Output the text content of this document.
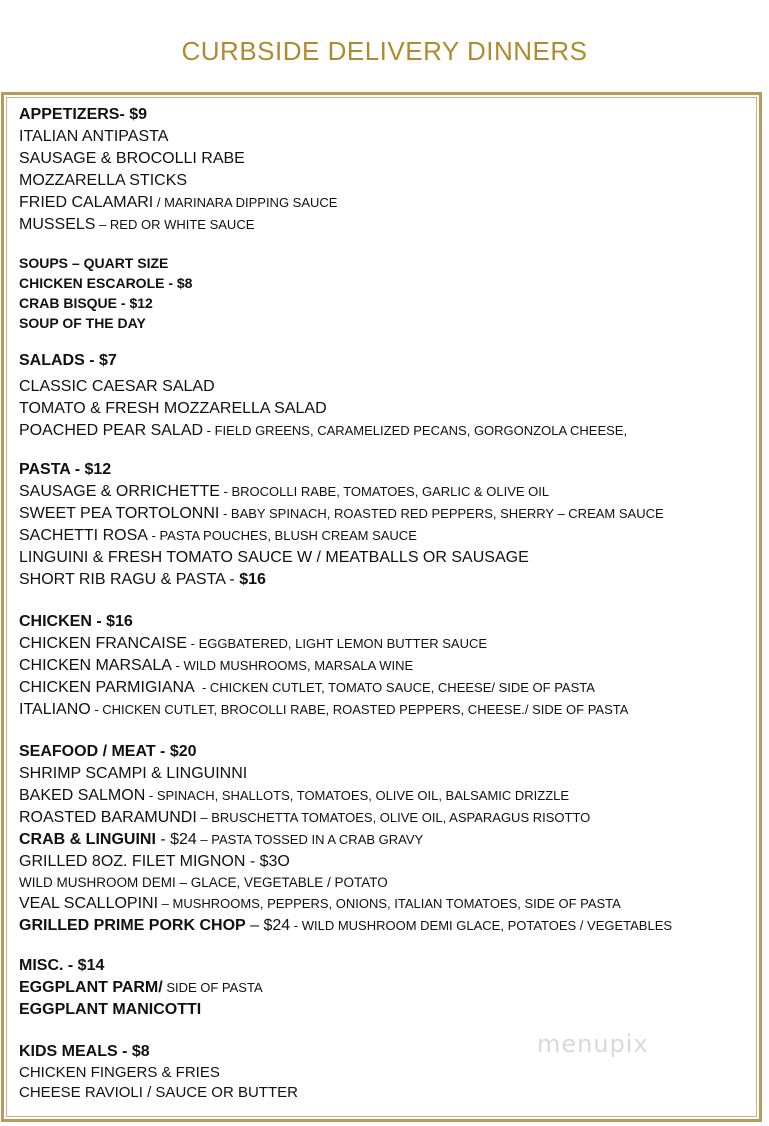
CURBSIDE DELIVERY DINNERS
APPETIZERS- $9
ITALIAN ANTIPASTA
SAUSAGE & BROCOLLI RABE
MOZZARELLA STICKS
FRIED CALAMARI / MARINARA DIPPING SAUCE
MUSSELS – RED OR WHITE SAUCE
SOUPS – QUART SIZE
CHICKEN ESCAROLE - $8
CRAB BISQUE - $12
SOUP OF THE DAY
SALADS - $7
CLASSIC CAESAR SALAD
TOMATO & FRESH MOZZARELLA SALAD
POACHED PEAR SALAD - FIELD GREENS, CARAMELIZED PECANS, GORGONZOLA CHEESE,
PASTA - $12
SAUSAGE & ORRICHETTE - BROCOLLI RABE, TOMATOES, GARLIC & OLIVE OIL
SWEET PEA TORTOLONNI - BABY SPINACH, ROASTED RED PEPPERS, SHERRY – CREAM SAUCE
SACHETTI ROSA - PASTA POUCHES, BLUSH CREAM SAUCE
LINGUINI & FRESH TOMATO SAUCE W / MEATBALLS OR SAUSAGE
SHORT RIB RAGU & PASTA - $16
CHICKEN - $16
CHICKEN FRANCAISE - EGGBATERED, LIGHT LEMON BUTTER SAUCE
CHICKEN MARSALA - WILD MUSHROOMS, MARSALA WINE
CHICKEN PARMIGIANA  - CHICKEN CUTLET, TOMATO SAUCE, CHEESE/ SIDE OF PASTA
ITALIANO - CHICKEN CUTLET, BROCOLLI RABE, ROASTED PEPPERS, CHEESE./ SIDE OF PASTA
SEAFOOD / MEAT - $20
SHRIMP SCAMPI & LINGUINNI
BAKED SALMON - SPINACH, SHALLOTS, TOMATOES, OLIVE OIL, BALSAMIC DRIZZLE
ROASTED BARAMUNDI – BRUSCHETTA TOMATOES, OLIVE OIL, ASPARAGUS RISOTTO
CRAB & LINGUINI - $24 – PASTA TOSSED IN A CRAB GRAVY
GRILLED 8OZ. FILET MIGNON - $3O
WILD MUSHROOM DEMI – GLACE, VEGETABLE / POTATO
VEAL SCALLOPINI – MUSHROOMS, PEPPERS, ONIONS, ITALIAN TOMATOES, SIDE OF PASTA
GRILLED PRIME PORK CHOP – $24 - WILD MUSHROOM DEMI GLACE, POTATOES / VEGETABLES
MISC. - $14
EGGPLANT PARM/ SIDE OF PASTA
EGGPLANT MANICOTTI
KIDS MEALS - $8
CHICKEN FINGERS & FRIES
CHEESE RAVIOLI / SAUCE OR BUTTER
menupix
